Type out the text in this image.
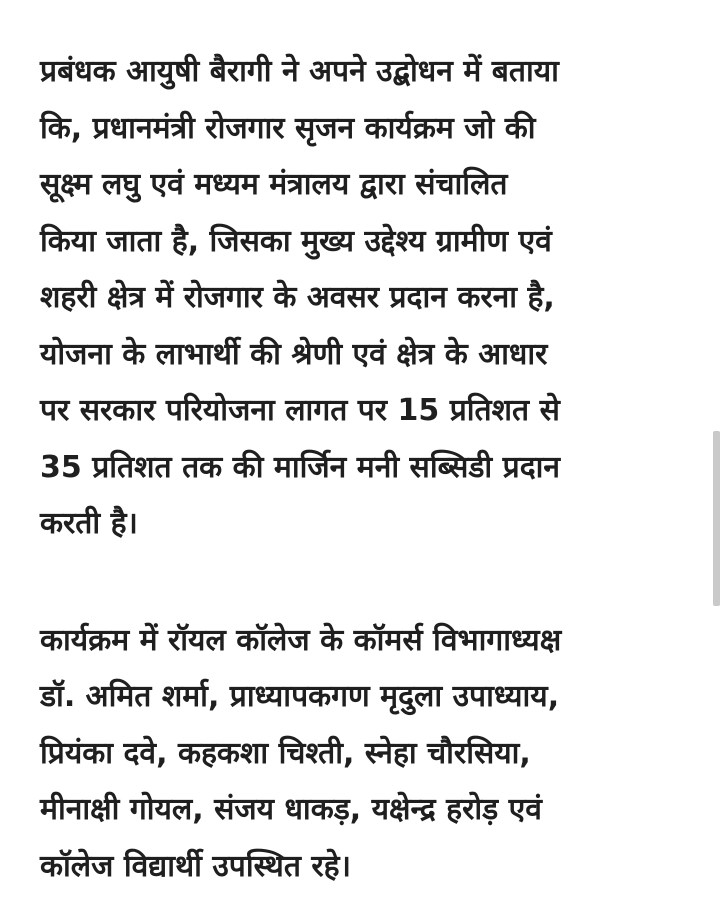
प्रबंधक आयुषी बैरागी ने अपने उद्बोधन में बताया
कि, प्रधानमंत्री रोजगार सृजन कार्यक्रम जो की
सूक्ष्म लघु एवं मध्यम मंत्रालय द्वारा संचालित
किया जाता है, जिसका मुख्य उद्देश्य ग्रामीण एवं
शहरी क्षेत्र में रोजगार के अवसर प्रदान करना है,
योजना के लाभार्थी की श्रेणी एवं क्षेत्र के आधार
पर सरकार परियोजना लागत पर 15 प्रतिशत से
35 प्रतिशत तक की मार्जिन मनी सब्सिडी प्रदान
करती है।

कार्यक्रम में रॉयल कॉलेज के कॉमर्स विभागाध्यक्ष
डॉ. अमित शर्मा, प्राध्यापकगण मृदुला उपाध्याय,
प्रियंका दवे, कहकशा चिश्ती, स्नेहा चौरसिया,
मीनाक्षी गोयल, संजय धाकड़, यक्षेन्द्र हरोड़ एवं
कॉलेज विद्यार्थी उपस्थित रहे।
